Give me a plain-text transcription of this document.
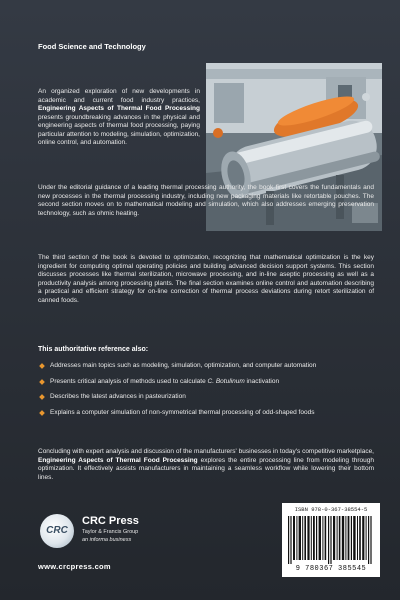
Food Science and Technology
An organized exploration of new developments in academic and current food industry practices, Engineering Aspects of Thermal Food Processing presents groundbreaking advances in the physical and engineering aspects of thermal food processing, paying particular attention to modeling, simulation, optimization, online control, and automation.

Under the editorial guidance of a leading thermal processing authority, the book first covers the fundamentals and new processes in the thermal processing industry, including new packaging materials like retortable pouches. The second section moves on to mathematical modeling and simulation, which also addresses emerging preservation technology, such as ohmic heating.

The third section of the book is devoted to optimization, recognizing that mathematical optimization is the key ingredient for computing optimal operating policies and building advanced decision support systems. This section discusses processes like thermal sterilization, microwave processing, and in-line aseptic processing as well as a productivity analysis among processing plants. The final section examines online control and automation describing a practical and efficient strategy for on-line correction of thermal process deviations during retort sterilization of canned foods.

This authoritative reference also:
Addresses main topics such as modeling, simulation, optimization, and computer automation
Presents critical analysis of methods used to calculate C. Botulinum inactivation
Describes the latest advances in pasteurization
Explains a computer simulation of non-symmetrical thermal processing of odd-shaped foods

Concluding with expert analysis and discussion of the manufacturers' businesses in today's competitive marketplace, Engineering Aspects of Thermal Food Processing explores the entire processing line from modeling through optimization. It effectively assists manufacturers in maintaining a seamless workflow while lowering their bottom lines.

CRC
CRC Press
Taylor & Francis Group
an informa business
www.crcpress.com
ISBN 978-0-367-38554-5
9 780367 385545
